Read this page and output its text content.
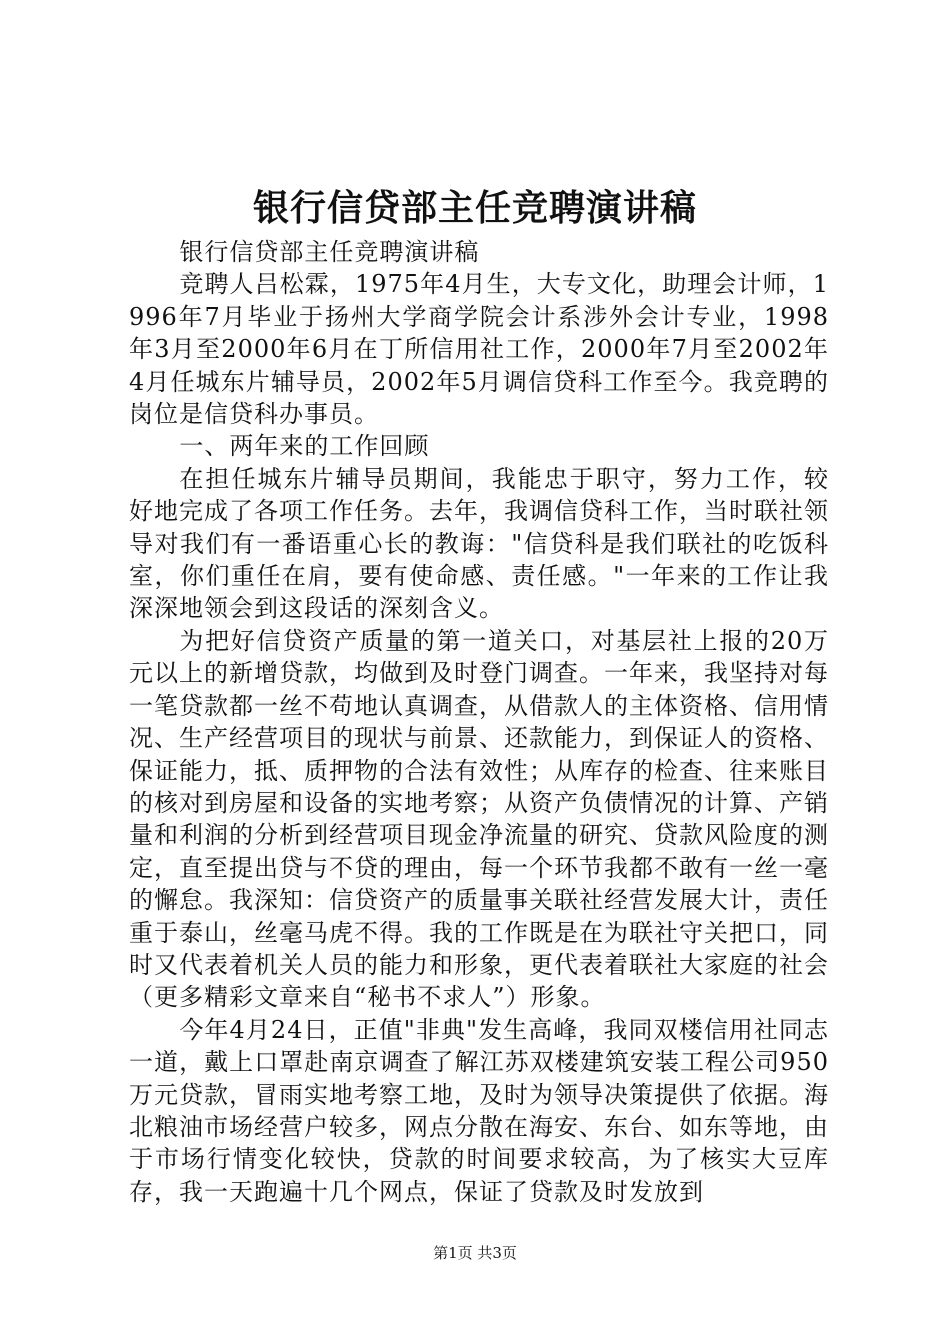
银行信贷部主任竞聘演讲稿

银行信贷部主任竞聘演讲稿

竞聘人吕松霖，1975年4月生，大专文化，助理会计师，1996年7月毕业于扬州大学商学院会计系涉外会计专业，1998年3月至2000年6月在丁所信用社工作，2000年7月至2002年4月任城东片辅导员，2002年5月调信贷科工作至今。我竞聘的岗位是信贷科办事员。

一、两年来的工作回顾

在担任城东片辅导员期间，我能忠于职守，努力工作，较好地完成了各项工作任务。去年，我调信贷科工作，当时联社领导对我们有一番语重心长的教诲："信贷科是我们联社的吃饭科室，你们重任在肩，要有使命感、责任感。"一年来的工作让我深深地领会到这段话的深刻含义。

为把好信贷资产质量的第一道关口，对基层社上报的20万元以上的新增贷款，均做到及时登门调查。一年来，我坚持对每一笔贷款都一丝不苟地认真调查，从借款人的主体资格、信用情况、生产经营项目的现状与前景、还款能力，到保证人的资格、保证能力，抵、质押物的合法有效性；从库存的检查、往来账目的核对到房屋和设备的实地考察；从资产负债情况的计算、产销量和利润的分析到经营项目现金净流量的研究、贷款风险度的测定，直至提出贷与不贷的理由，每一个环节我都不敢有一丝一毫的懈怠。我深知：信贷资产的质量事关联社经营发展大计，责任重于泰山，丝毫马虎不得。我的工作既是在为联社守关把口，同时又代表着机关人员的能力和形象，更代表着联社大家庭的社会（更多精彩文章来自“秘书不求人”）形象。

今年4月24日，正值"非典"发生高峰，我同双楼信用社同志一道，戴上口罩赴南京调查了解江苏双楼建筑安装工程公司950万元贷款，冒雨实地考察工地，及时为领导决策提供了依据。海北粮油市场经营户较多，网点分散在海安、东台、如东等地，由于市场行情变化较快，贷款的时间要求较高，为了核实大豆库存，我一天跑遍十几个网点，保证了贷款及时发放到

第1页 共3页
